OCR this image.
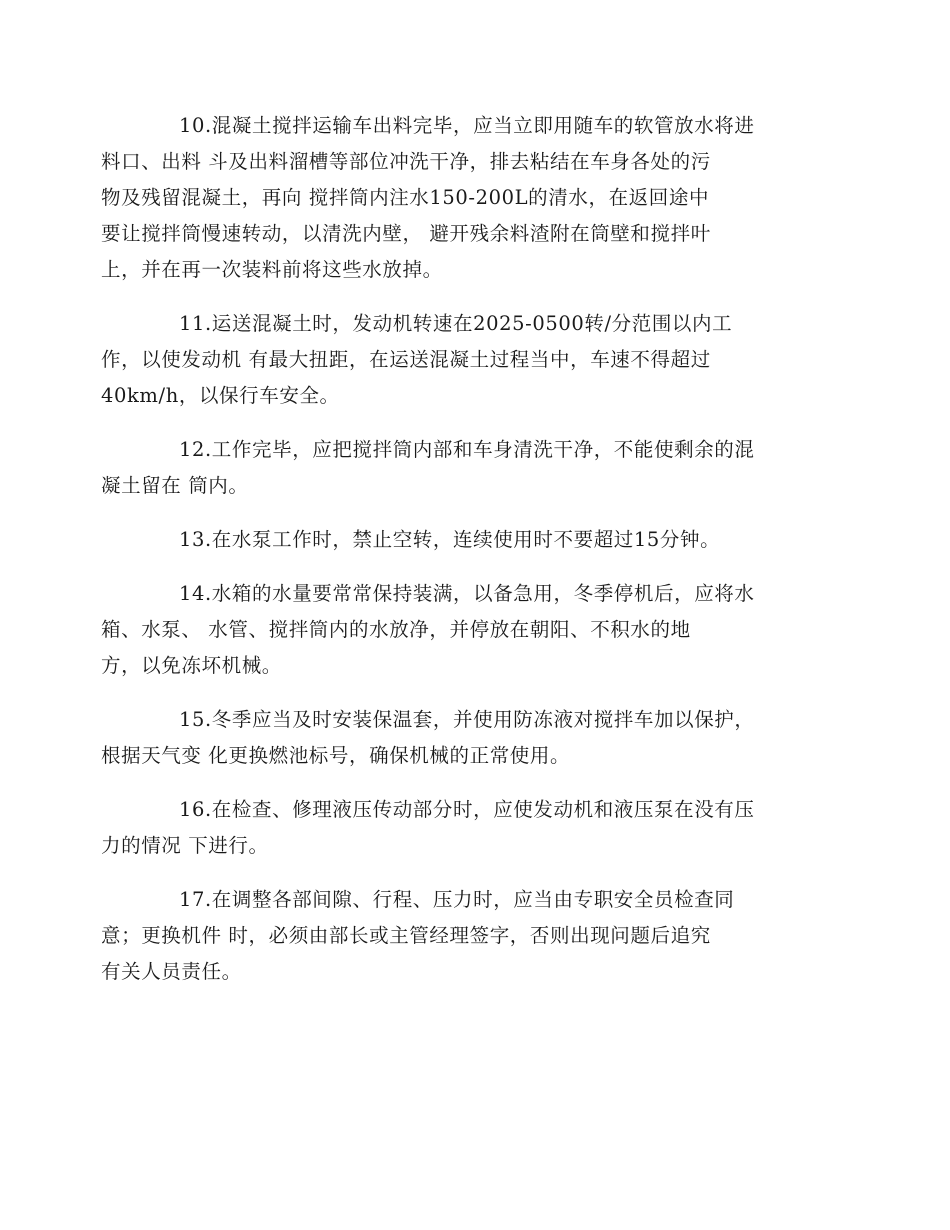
10.混凝土搅拌运输车出料完毕，应当立即用随车的软管放水将进
料口、出料 斗及出料溜槽等部位冲洗干净，排去粘结在车身各处的污
物及残留混凝土，再向 搅拌筒内注水150-200L的清水，在返回途中
要让搅拌筒慢速转动，以清洗内壁， 避开残余料渣附在筒壁和搅拌叶
上，并在再一次装料前将这些水放掉。

11.运送混凝土时，发动机转速在2025-0500转/分范围以内工
作，以使发动机 有最大扭距，在运送混凝土过程当中，车速不得超过
40km/h，以保行车安全。

12.工作完毕，应把搅拌筒内部和车身清洗干净，不能使剩余的混
凝土留在 筒内。

13.在水泵工作时，禁止空转，连续使用时不要超过15分钟。

14.水箱的水量要常常保持装满，以备急用，冬季停机后，应将水
箱、水泵、 水管、搅拌筒内的水放净，并停放在朝阳、不积水的地
方，以免冻坏机械。

15.冬季应当及时安装保温套，并使用防冻液对搅拌车加以保护，
根据天气变 化更换燃池标号，确保机械的正常使用。

16.在检查、修理液压传动部分时，应使发动机和液压泵在没有压
力的情况 下进行。

17.在调整各部间隙、行程、压力时，应当由专职安全员检查同
意；更换机件 时，必须由部长或主管经理签字，否则出现问题后追究
有关人员责任。
